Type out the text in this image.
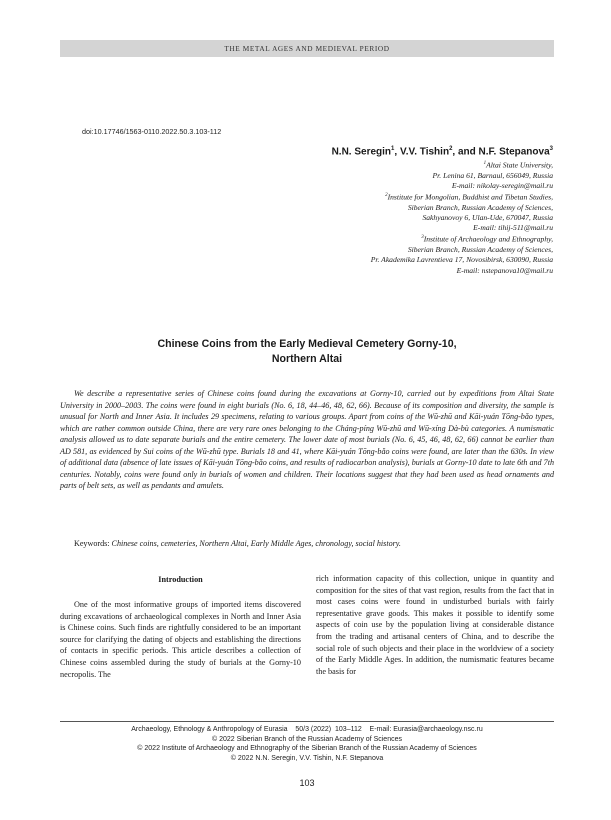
THE METAL AGES AND MEDIEVAL PERIOD
doi:10.17746/1563-0110.2022.50.3.103-112
N.N. Seregin$^1$, V.V. Tishin$^2$, and N.F. Stepanova$^3$
$^1$Altai State University,
Pr. Lenina 61, Barnaul, 656049, Russia
E-mail: nikolay-seregin@mail.ru
$^2$Institute for Mongolian, Buddhist and Tibetan Studies,
Siberian Branch, Russian Academy of Sciences,
Sakhyanovoy 6, Ulan-Ude, 670047, Russia
E-mail: tihij-511@mail.ru
$^3$Institute of Archaeology and Ethnography,
Siberian Branch, Russian Academy of Sciences,
Pr. Akademika Lavrentieva 17, Novosibirsk, 630090, Russia
E-mail: nstepanova10@mail.ru
Chinese Coins from the Early Medieval Cemetery Gorny-10,
Northern Altai

We describe a representative series of Chinese coins found during the excavations at Gorny-10, carried out by expeditions from Altai State University in 2000–2003. The coins were found in eight burials (No. 6, 18, 44–46, 48, 62, 66). Because of its composition and diversity, the sample is unusual for North and Inner Asia. It includes 29 specimens, relating to various groups. Apart from coins of the Wŭ-zhū and Kāi-yuán Tōng-bǎo types, which are rather common outside China, there are very rare ones belonging to the Cháng-píng Wŭ-zhū and Wŭ-xíng Dà-bù categories. A numismatic analysis allowed us to date separate burials and the entire cemetery. The lower date of most burials (No. 6, 45, 46, 48, 62, 66) cannot be earlier than AD 581, as evidenced by Sui coins of the Wŭ-zhū type. Burials 18 and 41, where Kāi-yuán Tōng-bǎo coins were found, are later than the 630s. In view of additional data (absence of late issues of Kāi-yuán Tōng-bǎo coins, and results of radiocarbon analysis), burials at Gorny-10 date to late 6th and 7th centuries. Notably, coins were found only in burials of women and children. Their locations suggest that they had been used as head ornaments and parts of belt sets, as well as pendants and amulets.

Keywords: Chinese coins, cemeteries, Northern Altai, Early Middle Ages, chronology, social history.

Introduction

One of the most informative groups of imported items discovered during excavations of archaeological complexes in North and Inner Asia is Chinese coins. Such finds are rightfully considered to be an important source for clarifying the dating of objects and establishing the directions of contacts in specific periods. This article describes a collection of Chinese coins assembled during the study of burials at the Gorny-10 necropolis. The

rich information capacity of this collection, unique in quantity and composition for the sites of that vast region, results from the fact that in most cases coins were found in undisturbed burials with fairly representative grave goods. This makes it possible to identify some aspects of coin use by the population living at considerable distance from the trading and artisanal centers of China, and to describe the social role of such objects and their place in the worldview of a society of the Early Middle Ages. In addition, the numismatic features became the basis for

Archaeology, Ethnology & Anthropology of Eurasia    50/3 (2022)  103–112    E-mail: Eurasia@archaeology.nsc.ru
© 2022 Siberian Branch of the Russian Academy of Sciences
© 2022 Institute of Archaeology and Ethnography of the Siberian Branch of the Russian Academy of Sciences
© 2022 N.N. Seregin, V.V. Tishin, N.F. Stepanova
103
